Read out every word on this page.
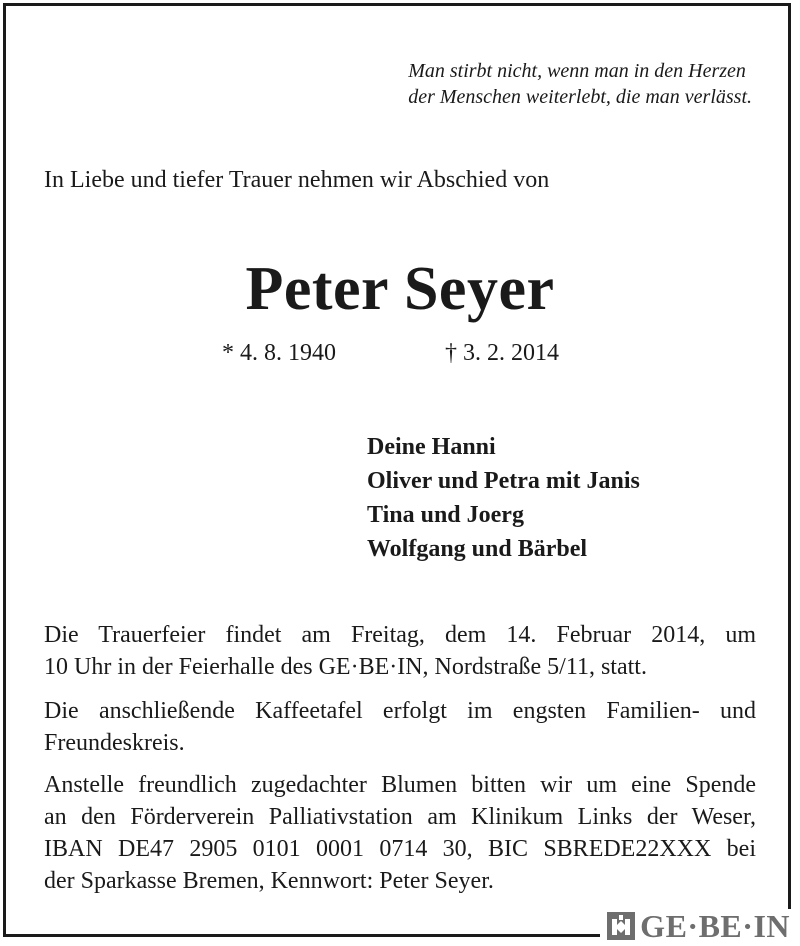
Man stirbt nicht, wenn man in den Herzen
der Menschen weiterlebt, die man verlässt.
In Liebe und tiefer Trauer nehmen wir Abschied von
Peter Seyer
* 4. 8. 1940	† 3. 2. 2014
Deine Hanni
Oliver und Petra mit Janis
Tina und Joerg
Wolfgang und Bärbel
Die Trauerfeier findet am Freitag, dem 14. Februar 2014, um
10 Uhr in der Feierhalle des GE·BE·IN, Nordstraße 5/11, statt.
Die anschließende Kaffeetafel erfolgt im engsten Familien- und
Freundeskreis.
Anstelle freundlich zugedachter Blumen bitten wir um eine Spende
an den Förderverein Palliativstation am Klinikum Links der Weser,
IBAN DE47 2905 0101 0001 0714 30, BIC SBREDE22XXX bei
der Sparkasse Bremen, Kennwort: Peter Seyer.
GE·BE·IN
